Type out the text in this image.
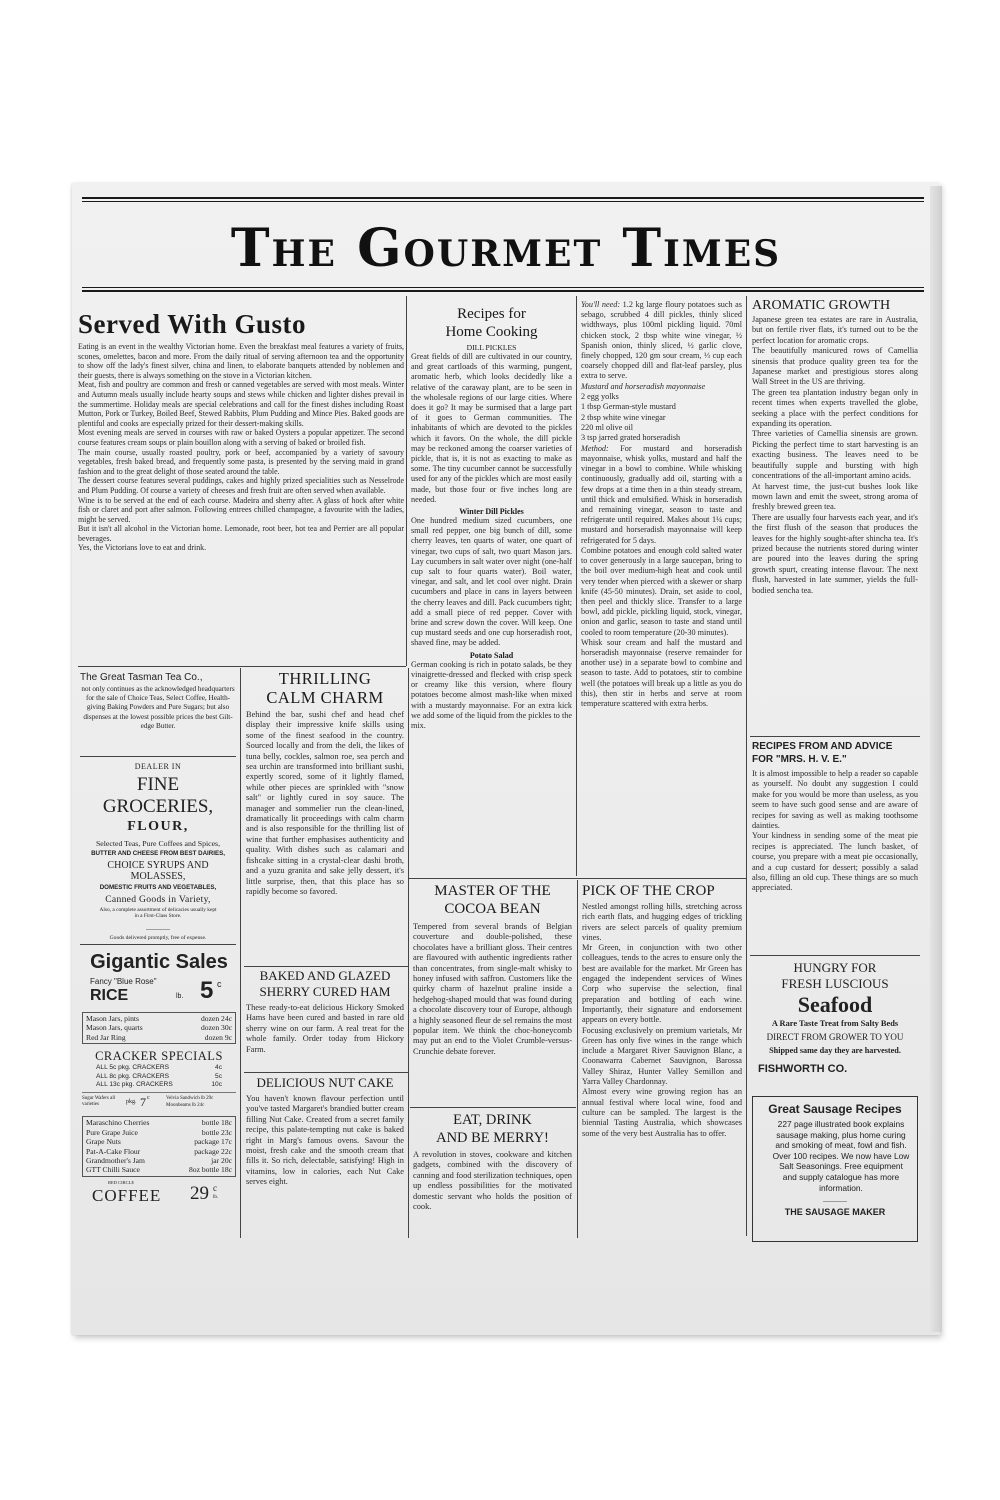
The Gourmet Times
Served With Gusto

Eating is an event in the wealthy Victorian home. Even the breakfast meal features a variety of fruits, scones, omelettes, bacon and more. From the daily ritual of serving afternoon tea and the opportunity to show off the lady's finest silver, china and linen, to elaborate banquets attended by noblemen and their guests, there is always something on the stove in a Victorian kitchen.

Meat, fish and poultry are common and fresh or canned vegetables are served with most meals. Winter and Autumn meals usually include hearty soups and stews while chicken and lighter dishes prevail in the summertime. Holiday meals are special celebrations and call for the finest dishes including Roast Mutton, Pork or Turkey, Boiled Beef, Stewed Rabbits, Plum Pudding and Mince Pies. Baked goods are plentiful and cooks are especially prized for their dessert-making skills.

Most evening meals are served in courses with raw or baked Oysters a popular appetizer. The second course features cream soups or plain bouillon along with a serving of baked or broiled fish.

The main course, usually roasted poultry, pork or beef, accompanied by a variety of savoury vegetables, fresh baked bread, and frequently some pasta, is presented by the serving maid in grand fashion and to the great delight of those seated around the table.

The dessert course features several puddings, cakes and highly prized specialities such as Nesselrode and Plum Pudding. Of course a variety of cheeses and fresh fruit are often served when available.

Wine is to be served at the end of each course. Madeira and sherry after. A glass of hock after white fish or claret and port after salmon. Following entrees chilled champagne, a favourite with the ladies, might be served.

But it isn't all alcohol in the Victorian home. Lemonade, root beer, hot tea and Perrier are all popular beverages.

Yes, the Victorians love to eat and drink.

The Great Tasman Tea Co.,
not only continues as the acknowledged headquarters for the sale of Choice Teas, Select Coffee, Health-giving Baking Powders and Pure Sugars; but also dispenses at the lowest possible prices the best Gilt-edge Butter.
DEALER IN
FINE GROCERIES,
FLOUR,
Selected Teas, Pure Coffees and Spices,
BUTTER AND CHEESE FROM BEST DAIRIES,
CHOICE SYRUPS AND MOLASSES,
DOMESTIC FRUITS AND VEGETABLES,
Canned Goods in Variety,
Also, a complete assortment of delicacies usually kept
in a First-Class Store.
............
Goods delivered promptly, free of expense.
Gigantic Sales
Fancy "Blue Rose"
RICE	lb. 5 c
Mason Jars, pints	dozen 24c
Mason Jars, quarts	dozen 30c
Red Jar Ring	dozen 9c
CRACKER SPECIALS
ALL 5c pkg. CRACKERS	4c
ALL 8c pkg. CRACKERS	5c
ALL 13c pkg. CRACKERS	10c
Sugar Wafers all varieties	pkg. 7 c	Velvia Sandwich lb 29c
Moonbeams lb 24c
Maraschino Cherries	bottle 18c
Pure Grape Juice	bottle 23c
Grape Nuts	package 17c
Pat-A-Cake Flour	package 22c
Grandmother's Jam	jar 20c
GTT Chilli Sauce	8oz bottle 18c
RED CIRCLE
COFFEE 29 c
lb.
THRILLING
CALM CHARM
Behind the bar, sushi chef and head chef display their impressive knife skills using some of the finest seafood in the country. Sourced locally and from the deli, the likes of tuna belly, cockles, salmon roe, sea perch and sea urchin are transformed into brilliant sushi, expertly scored, some of it lightly flamed, while other pieces are sprinkled with "snow salt" or lightly cured in soy sauce. The manager and sommelier run the clean-lined, dramatically lit proceedings with calm charm and is also responsible for the thrilling list of wine that further emphasises authenticity and quality. With dishes such as calamari and fishcake sitting in a crystal-clear dashi broth, and a yuzu granita and sake jelly dessert, it's little surprise, then, that this place has so rapidly become so favored.
BAKED AND GLAZED
SHERRY CURED HAM
These ready-to-eat delicious Hickory Smoked Hams have been cured and basted in rare old sherry wine on our farm. A real treat for the whole family. Order today from Hickory Farm.
DELICIOUS NUT CAKE
You haven't known flavour perfection until you've tasted Margaret's brandied butter cream filling Nut Cake. Created from a secret family recipe, this palate-tempting nut cake is baked right in Marg's famous ovens. Savour the moist, fresh cake and the smooth cream that fills it. So rich, delectable, satisfying! High in vitamins, low in calories, each Nut Cake serves eight.
Recipes for
Home Cooking
DILL PICKLES
Great fields of dill are cultivated in our country, and great cartloads of this warming, pungent, aromatic herb, which looks decidedly like a relative of the caraway plant, are to be seen in the wholesale regions of our large cities. Where does it go? It may be surmised that a large part of it goes to German communities. The inhabitants of which are devoted to the pickles which it favors. On the whole, the dill pickle may be reckoned among the coarser varieties of pickle, that is, it is not as exacting to make as some. The tiny cucumber cannot be successfully used for any of the pickles which are most easily made, but those four or five inches long are needed.
Winter Dill Pickles
One hundred medium sized cucumbers, one small red pepper, one big bunch of dill, some cherry leaves, ten quarts of water, one quart of vinegar, two cups of salt, two quart Mason jars. Lay cucumbers in salt water over night (one-half cup salt to four quarts water). Boil water, vinegar, and salt, and let cool over night. Drain cucumbers and place in cans in layers between the cherry leaves and dill. Pack cucumbers tight; add a small piece of red pepper. Cover with brine and screw down the cover. Will keep. One cup mustard seeds and one cup horseradish root, shaved fine, may be added.
Potato Salad
German cooking is rich in potato salads, be they vinaigrette-dressed and flecked with crisp speck or creamy like this version, where floury potatoes become almost mash-like when mixed with a mustardy mayonnaise. For an extra kick we add some of the liquid from the pickles to the mix.
You'll need: 1.2 kg large floury potatoes such as sebago, scrubbed 4 dill pickles, thinly sliced widthways, plus 100ml pickling liquid. 70ml chicken stock, 2 tbsp white wine vinegar, ½ Spanish onion, thinly sliced, ½ garlic clove, finely chopped, 120 gm sour cream, ⅓ cup each coarsely chopped dill and flat-leaf parsley, plus extra to serve.
Mustard and horseradish mayonnaise
2 egg yolks
1 tbsp German-style mustard
2 tbsp white wine vinegar
220 ml olive oil
3 tsp jarred grated horseradish
Method: For mustard and horseradish mayonnaise, whisk yolks, mustard and half the vinegar in a bowl to combine. While whisking continuously, gradually add oil, starting with a few drops at a time then in a thin steady stream, until thick and emulsified. Whisk in horseradish and remaining vinegar, season to taste and refrigerate until required. Makes about 1¼ cups; mustard and horseradish mayonnaise will keep refrigerated for 5 days.
Combine potatoes and enough cold salted water to cover generously in a large saucepan, bring to the boil over medium-high heat and cook until very tender when pierced with a skewer or sharp knife (45-50 minutes). Drain, set aside to cool, then peel and thickly slice. Transfer to a large bowl, add pickle, pickling liquid, stock, vinegar, onion and garlic, season to taste and stand until cooled to room temperature (20-30 minutes).
Whisk sour cream and half the mustard and horseradish mayonnaise (reserve remainder for another use) in a separate bowl to combine and season to taste. Add to potatoes, stir to combine well (the potatoes will break up a little as you do this), then stir in herbs and serve at room temperature scattered with extra herbs.
MASTER OF THE
COCOA BEAN
Tempered from several brands of Belgian couverture and double-polished, these chocolates have a brilliant gloss. Their centres are flavoured with authentic ingredients rather than concentrates, from single-malt whisky to honey infused with saffron. Customers like the quirky charm of hazelnut praline inside a hedgehog-shaped mould that was found during a chocolate discovery tour of Europe, although a highly seasoned fleur de sel remains the most popular item. We think the choc-honeycomb may put an end to the Violet Crumble-versus-Crunchie debate forever.
EAT, DRINK
AND BE MERRY!
A revolution in stoves, cookware and kitchen gadgets, combined with the discovery of canning and food sterilization techniques, open up endless possibilities for the motivated domestic servant who holds the position of cook.
PICK OF THE CROP
Nestled amongst rolling hills, stretching across rich earth flats, and hugging edges of trickling rivers are select parcels of quality premium vines.
Mr Green, in conjunction with two other colleagues, tends to the acres to ensure only the best are available for the market. Mr Green has engaged the independent services of Wines Corp who supervise the selection, final preparation and bottling of each wine. Importantly, their signature and endorsement appears on every bottle.
Focusing exclusively on premium varietals, Mr Green has only five wines in the range which include a Margaret River Sauvignon Blanc, a Coonawarra Cabernet Sauvignon, Barossa Valley Shiraz, Hunter Valley Semillon and Yarra Valley Chardonnay.
Almost every wine growing region has an annual festival where local wine, food and culture can be sampled. The largest is the biennial Tasting Australia, which showcases some of the very best Australia has to offer.
AROMATIC GROWTH
Japanese green tea estates are rare in Australia, but on fertile river flats, it's turned out to be the perfect location for aromatic crops.
The beautifully manicured rows of Camellia sinensis that produce quality green tea for the Japanese market and prestigious stores along Wall Street in the US are thriving.
The green tea plantation industry began only in recent times when experts travelled the globe, seeking a place with the perfect conditions for expanding its operation.
Three varieties of Camellia sinensis are grown. Picking the perfect time to start harvesting is an exacting business. The leaves need to be beautifully supple and bursting with high concentrations of the all-important amino acids.
At harvest time, the just-cut bushes look like mown lawn and emit the sweet, strong aroma of freshly brewed green tea.
There are usually four harvests each year, and it's the first flush of the season that produces the leaves for the highly sought-after shincha tea. It's prized because the nutrients stored during winter are poured into the leaves during the spring growth spurt, creating intense flavour. The next flush, harvested in late summer, yields the full-bodied sencha tea.
RECIPES FROM AND ADVICE
FOR "MRS. H. V. E."
It is almost impossible to help a reader so capable as yourself. No doubt any suggestion I could make for you would be more than useless, as you seem to have such good sense and are aware of recipes for saving as well as making toothsome dainties.
Your kindness in sending some of the meat pie recipes is appreciated. The lunch basket, of course, you prepare with a meat pie occasionally, and a cup custard for dessert; possibly a salad also, filling an old cup. These things are so much appreciated.
HUNGRY FOR
FRESH LUSCIOUS
Seafood
A Rare Taste Treat from Salty Beds
DIRECT FROM GROWER TO YOU
Shipped same day they are harvested.
FISHWORTH CO.
Great Sausage Recipes
227 page illustrated book explains sausage making, plus home curing and smoking of meat, fowl and fish. Over 100 recipes. We now have Low Salt Seasonings. Free equipment and supply catalogue has more information.
............
THE SAUSAGE MAKER
